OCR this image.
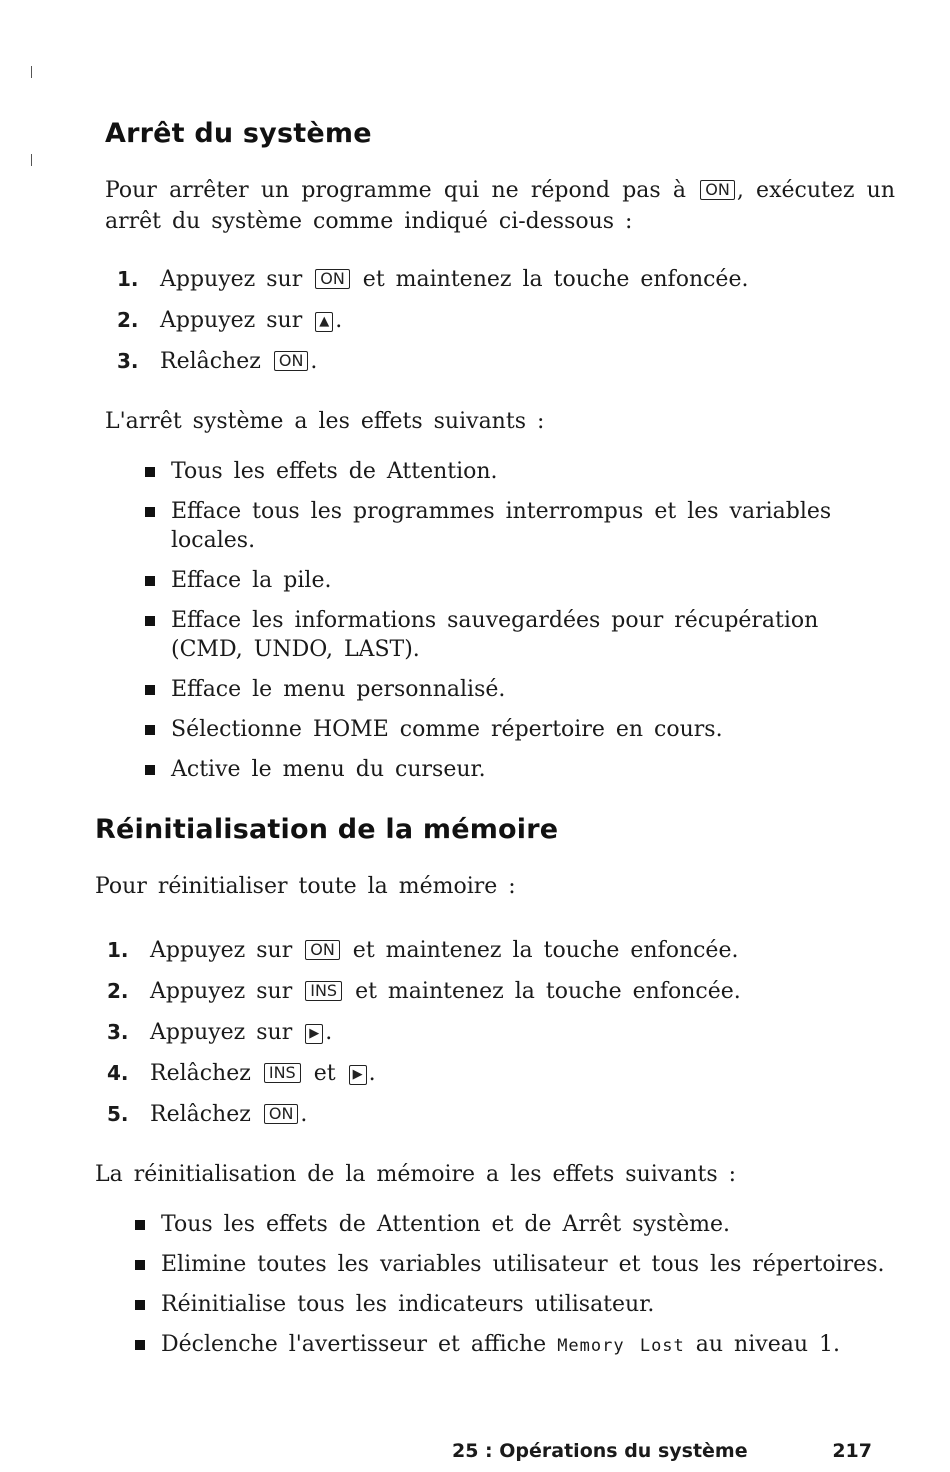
Arrêt du système

Pour arrêter un programme qui ne répond pas à ON , exécutez un arrêt du système comme indiqué ci-dessous :

1. Appuyez sur ON et maintenez la touche enfoncée.
2. Appuyez sur ▲ .
3. Relâchez ON .

L'arrêt système a les effets suivants :

Tous les effets de Attention.
Efface tous les programmes interrompus et les variables locales.
Efface la pile.
Efface les informations sauvegardées pour récupération (CMD, UNDO, LAST).
Efface le menu personnalisé.
Sélectionne HOME comme répertoire en cours.
Active le menu du curseur.
Réinitialisation de la mémoire

Pour réinitialiser toute la mémoire :

1. Appuyez sur ON et maintenez la touche enfoncée.
2. Appuyez sur INS et maintenez la touche enfoncée.
3. Appuyez sur ▶ .
4. Relâchez INS et ▶ .
5. Relâchez ON .

La réinitialisation de la mémoire a les effets suivants :

Tous les effets de Attention et de Arrêt système.
Elimine toutes les variables utilisateur et tous les répertoires.
Réinitialise tous les indicateurs utilisateur.
Déclenche l'avertisseur et affiche Memory Lost au niveau 1.
25 : Opérations du système	217
